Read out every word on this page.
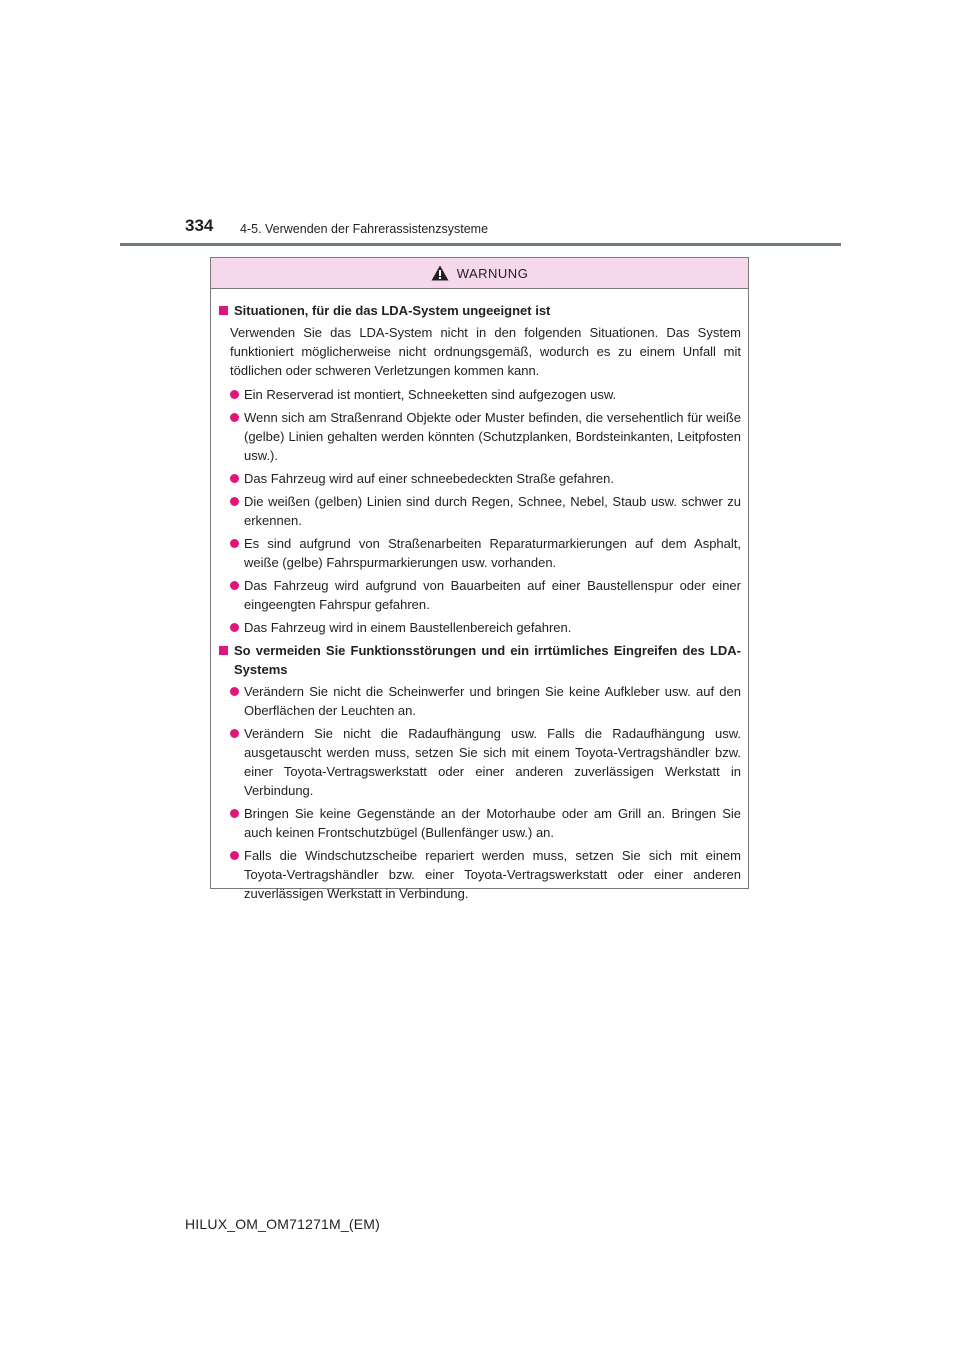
334 4-5. Verwenden der Fahrerassistenzsysteme
WARNUNG
Situationen, für die das LDA-System ungeeignet ist
Verwenden Sie das LDA-System nicht in den folgenden Situationen. Das System funktioniert möglicherweise nicht ordnungsgemäß, wodurch es zu einem Unfall mit tödlichen oder schweren Verletzungen kommen kann.
Ein Reserverad ist montiert, Schneeketten sind aufgezogen usw.
Wenn sich am Straßenrand Objekte oder Muster befinden, die versehentlich für weiße (gelbe) Linien gehalten werden könnten (Schutzplanken, Bordsteinkanten, Leitpfosten usw.).
Das Fahrzeug wird auf einer schneebedeckten Straße gefahren.
Die weißen (gelben) Linien sind durch Regen, Schnee, Nebel, Staub usw. schwer zu erkennen.
Es sind aufgrund von Straßenarbeiten Reparaturmarkierungen auf dem Asphalt, weiße (gelbe) Fahrspurmarkierungen usw. vorhanden.
Das Fahrzeug wird aufgrund von Bauarbeiten auf einer Baustellenspur oder einer eingeengten Fahrspur gefahren.
Das Fahrzeug wird in einem Baustellenbereich gefahren.
So vermeiden Sie Funktionsstörungen und ein irrtümliches Eingreifen des LDA-Systems
Verändern Sie nicht die Scheinwerfer und bringen Sie keine Aufkleber usw. auf den Oberflächen der Leuchten an.
Verändern Sie nicht die Radaufhängung usw. Falls die Radaufhängung usw. ausgetauscht werden muss, setzen Sie sich mit einem Toyota-Vertragshändler bzw. einer Toyota-Vertragswerkstatt oder einer anderen zuverlässigen Werkstatt in Verbindung.
Bringen Sie keine Gegenstände an der Motorhaube oder am Grill an. Bringen Sie auch keinen Frontschutzbügel (Bullenfänger usw.) an.
Falls die Windschutzscheibe repariert werden muss, setzen Sie sich mit einem Toyota-Vertragshändler bzw. einer Toyota-Vertragswerkstatt oder einer anderen zuverlässigen Werkstatt in Verbindung.
HILUX_OM_OM71271M_(EM)
